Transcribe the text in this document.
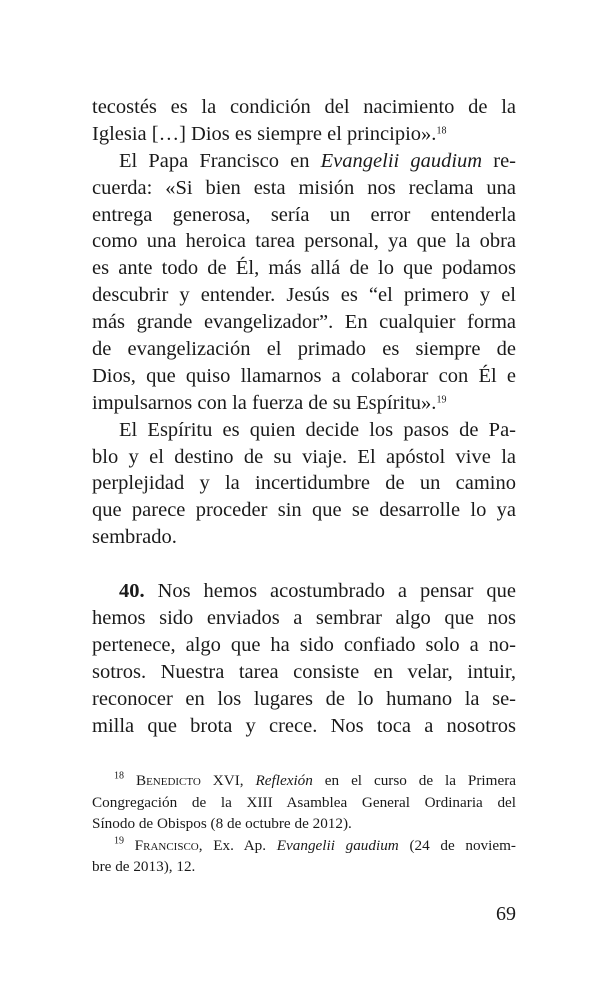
tecostés es la condición del nacimiento de la
Iglesia […] Dios es siempre el principio».$^{18}$
El Papa Francisco en Evangelii gaudium re-
cuerda: «Si bien esta misión nos reclama una
entrega generosa, sería un error entenderla
como una heroica tarea personal, ya que la obra
es ante todo de Él, más allá de lo que podamos
descubrir y entender. Jesús es “el primero y el
más grande evangelizador”. En cualquier forma
de evangelización el primado es siempre de
Dios, que quiso llamarnos a colaborar con Él e
impulsarnos con la fuerza de su Espíritu».$^{19}$
El Espíritu es quien decide los pasos de Pa-
blo y el destino de su viaje. El apóstol vive la
perplejidad y la incertidumbre de un camino
que parece proceder sin que se desarrolle lo ya
sembrado.
40. Nos hemos acostumbrado a pensar que
hemos sido enviados a sembrar algo que nos
pertenece, algo que ha sido confiado solo a no-
sotros. Nuestra tarea consiste en velar, intuir,
reconocer en los lugares de lo humano la se-
milla que brota y crece. Nos toca a nosotros
$^{18}$ Benedicto XVI, Reflexión en el curso de la Primera
Congregación de la XIII Asamblea General Ordinaria del
Sínodo de Obispos (8 de octubre de 2012).
$^{19}$ Francisco, Ex. Ap. Evangelii gaudium (24 de noviem-
bre de 2013), 12.
69
